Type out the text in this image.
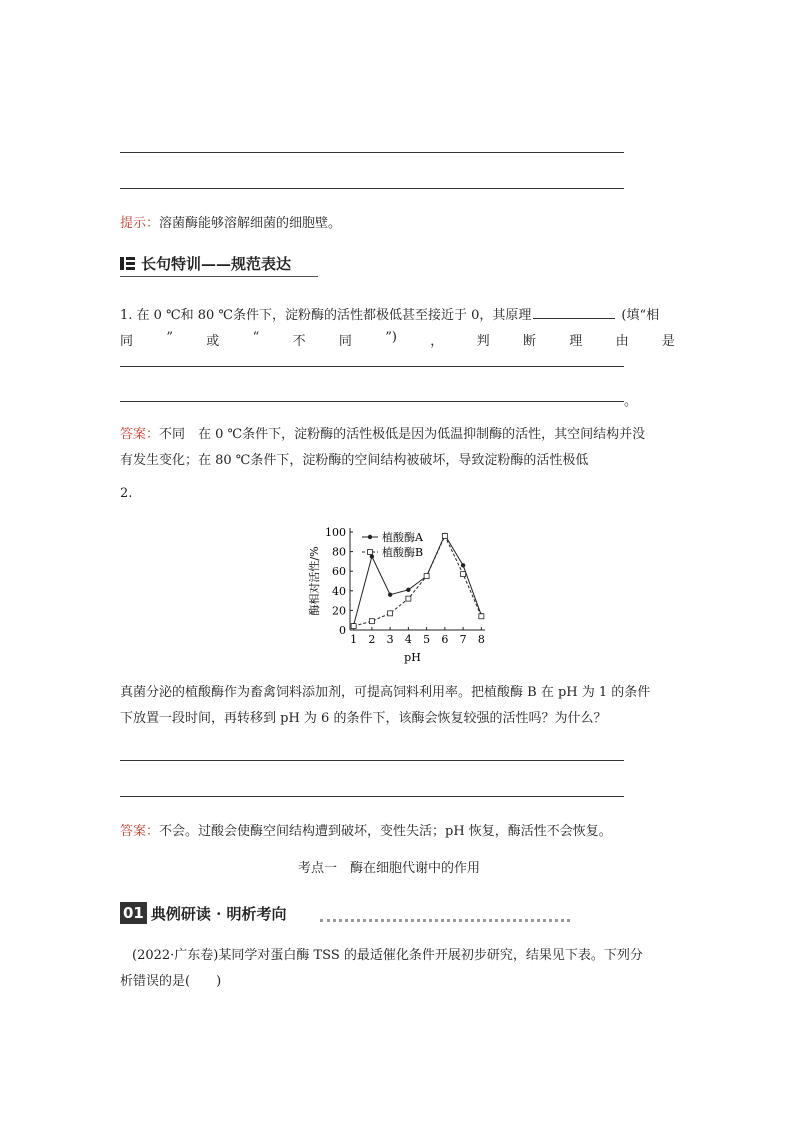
提示：溶菌酶能够溶解细菌的细胞壁。
长句特训——规范表达
1. 在 0 ℃和 80 ℃条件下，淀粉酶的活性都极低甚至接近于 0，其原理	(填“相
同	”	或	“	不	同	”)	，	判	断	理	由	是
。
答案：不同　在 0 ℃条件下，淀粉酶的活性极低是因为低温抑制酶的活性，其空间结构并没
有发生变化；在 80 ℃条件下，淀粉酶的空间结构被破坏，导致淀粉酶的活性极低
2.
0
20
40
60
80
100
1 2 3 4 5 6 7 8
pH
酶相对活性/%
植酸酶A
植酸酶B
真菌分泌的植酸酶作为畜禽饲料添加剂，可提高饲料利用率。把植酸酶 B 在 pH 为 1 的条件
下放置一段时间，再转移到 pH 为 6 的条件下，该酶会恢复较强的活性吗？为什么？
答案：不会。过酸会使酶空间结构遭到破坏，变性失活；pH 恢复，酶活性不会恢复。
考点一　酶在细胞代谢中的作用
01 典例研读 · 明析考向
(2022·广东卷)某同学对蛋白酶 TSS 的最适催化条件开展初步研究，结果见下表。下列分
析错误的是(　　)
